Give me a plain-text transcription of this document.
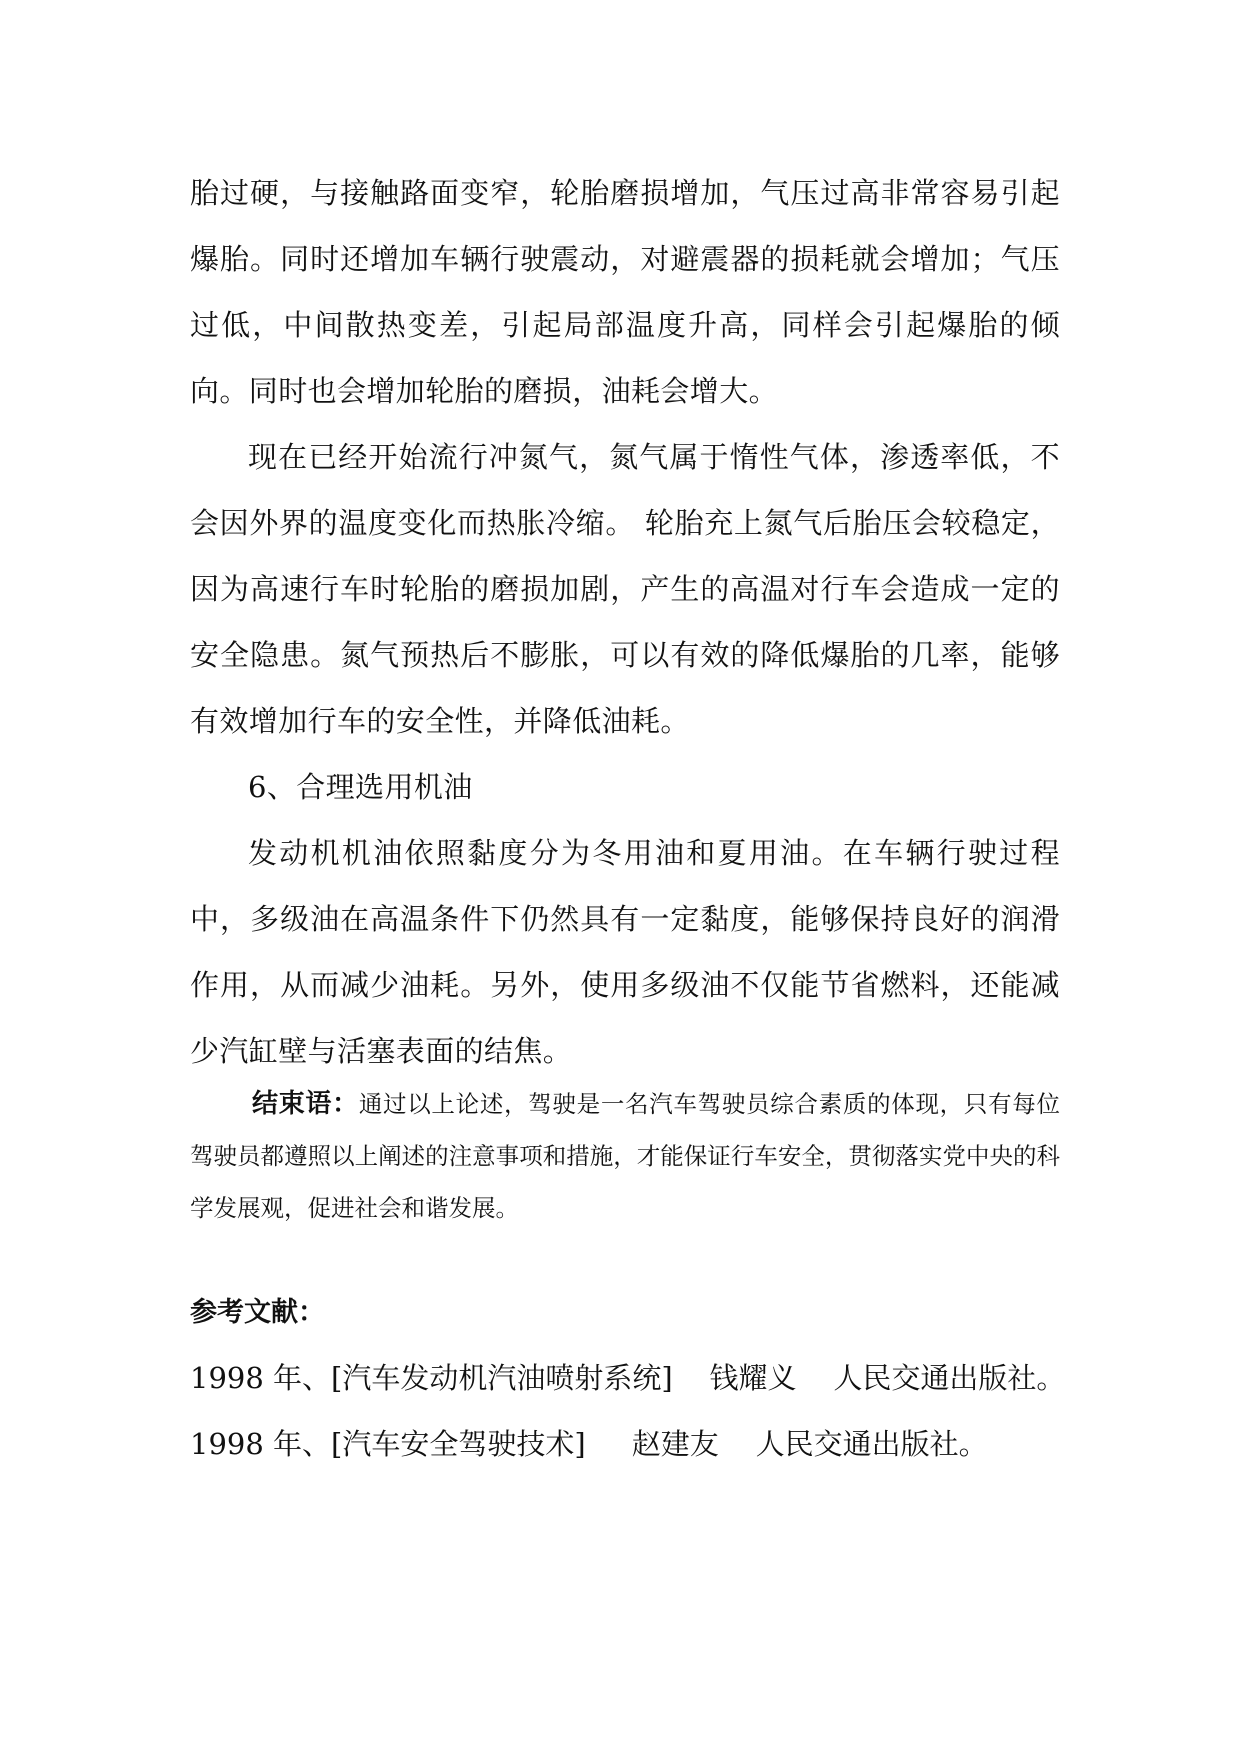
胎过硬，与接触路面变窄，轮胎磨损增加，气压过高非常容易引起爆胎。同时还增加车辆行驶震动，对避震器的损耗就会增加；气压过低，中间散热变差，引起局部温度升高，同样会引起爆胎的倾向。同时也会增加轮胎的磨损，油耗会增大。

现在已经开始流行冲氮气，氮气属于惰性气体，渗透率低，不会因外界的温度变化而热胀冷缩。 轮胎充上氮气后胎压会较稳定，因为高速行车时轮胎的磨损加剧，产生的高温对行车会造成一定的安全隐患。氮气预热后不膨胀，可以有效的降低爆胎的几率，能够有效增加行车的安全性，并降低油耗。

6、合理选用机油

发动机机油依照黏度分为冬用油和夏用油。在车辆行驶过程中，多级油在高温条件下仍然具有一定黏度，能够保持良好的润滑作用，从而减少油耗。另外，使用多级油不仅能节省燃料，还能减少汽缸壁与活塞表面的结焦。

结束语：通过以上论述，驾驶是一名汽车驾驶员综合素质的体现，只有每位驾驶员都遵照以上阐述的注意事项和措施，才能保证行车安全，贯彻落实党中央的科学发展观，促进社会和谐发展。

参考文献：
1998 年、[汽车发动机汽油喷射系统]    钱耀义    人民交通出版社。
1998 年、[汽车安全驾驶技术]     赵建友    人民交通出版社。
